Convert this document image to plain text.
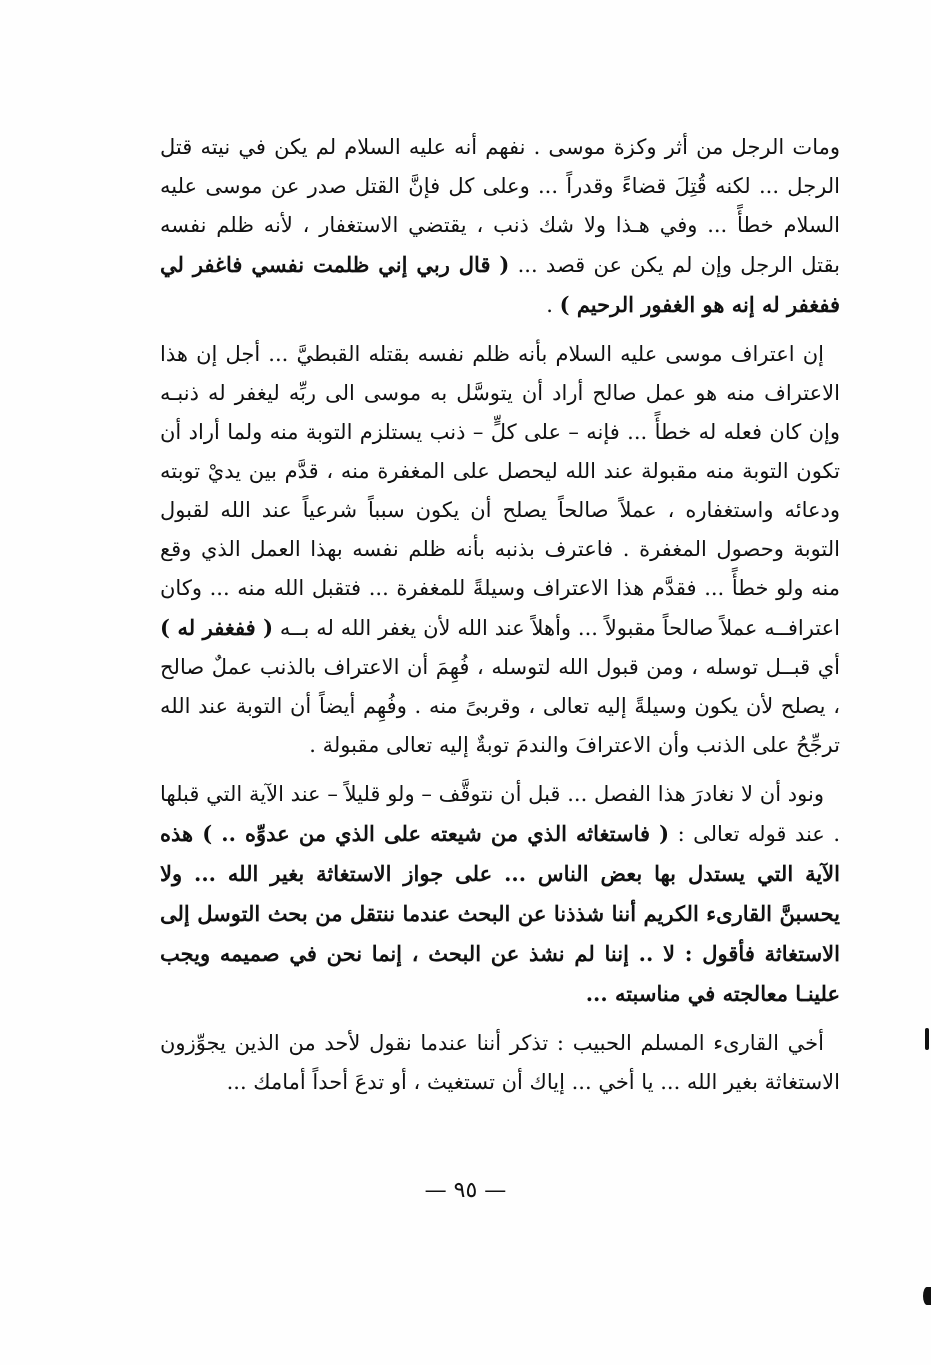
ومات الرجل من أثر وكزة موسى . نفهم أنه عليه السلام لم يكن في نيته قتل الرجل ... لكنه قُتِلَ قضاءً وقدراً ... وعلى كل فإنَّ القتل صدر عن موسى عليه السلام خطأً ... وفي هـذا ولا شك ذنب ، يقتضي الاستغفار ، لأنه ظلم نفسه بقتل الرجل وإن لم يكن عن قصد ... ( قال ربي إني ظلمت نفسي فاغفر لي ففغفر له إنه هو الغفور الرحيم ) .

إن اعتراف موسى عليه السلام بأنه ظلم نفسه بقتله القبطيَّ ... أجل إن هذا الاعتراف منه هو عمل صالح أراد أن يتوسَّل به موسى الى ربِّه ليغفر له ذنبـه وإن كان فعله له خطأً ... فإنه – على كلٍّ – ذنب يستلزم التوبة منه ولما أراد أن تكون التوبة منه مقبولة عند الله ليحصل على المغفرة منه ، قدَّم بين يديْ توبته ودعائه واستغفاره ، عملاً صالحاً يصلح أن يكون سبباً شرعياً عند الله لقبول التوبة وحصول المغفرة . فاعترف بذنبه بأنه ظلم نفسه بهذا العمل الذي وقع منه ولو خطأً ... فقدَّم هذا الاعتراف وسيلةً للمغفرة ... فتقبل الله منه ... وكان اعترافــه عملاً صالحاً مقبولاً ... وأهلاً عند الله لأن يغفر الله له بــه ( ففغفر له ) أي قبــل توسله ، ومن قبول الله لتوسله ، فُهِمَ أن الاعتراف بالذنب عملٌ صالح ، يصلح لأن يكون وسيلةً إليه تعالى ، وقربىً منه . وفُهِم أيضاً أن التوبة عند الله ترجِّحُ على الذنب وأن الاعترافَ والندمَ توبةٌ إليه تعالى مقبولة .

ونود أن لا نغادرَ هذا الفصل ... قبل أن نتوقَّف – ولو قليلاً – عند الآية التي قبلها . عند قوله تعالى : ( فاستغاثه الذي من شيعته على الذي من عدوِّه .. ) هذه الآية التي يستدل بها بعض الناس ... على جواز الاستغاثة بغير الله ... ولا يحسبنَّ القارىء الكريم أننا شذذنا عن البحث عندما ننتقل من بحث التوسل إلى الاستغاثة فأقول : لا .. إننا لم نشذ عن البحث ، إنما نحن في صميمه ويجب علينـا معالجته في مناسبته ...

أخي القارىء المسلم الحبيب : تذكر أننا عندما نقول لأحد من الذين يجوِّزون الاستغاثة بغير الله ... يا أخي ... إياك أن تستغيث ، أو تدعَ أحداً أمامك ...

— ٩٥ —
